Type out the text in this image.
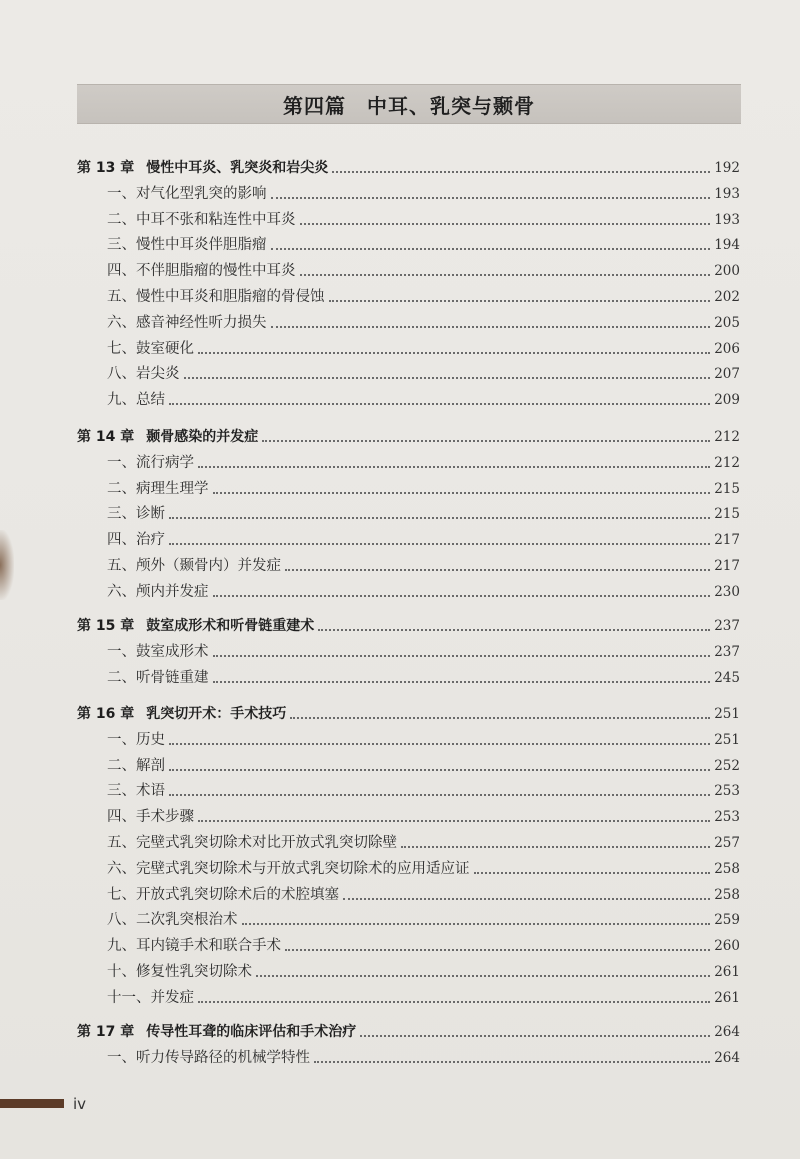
第四篇　中耳、乳突与颞骨
第 13 章 慢性中耳炎、乳突炎和岩尖炎	192
一、对气化型乳突的影响	193
二、中耳不张和粘连性中耳炎	193
三、慢性中耳炎伴胆脂瘤	194
四、不伴胆脂瘤的慢性中耳炎	200
五、慢性中耳炎和胆脂瘤的骨侵蚀	202
六、感音神经性听力损失	205
七、鼓室硬化	206
八、岩尖炎	207
九、总结	209
第 14 章 颞骨感染的并发症	212
一、流行病学	212
二、病理生理学	215
三、诊断	215
四、治疗	217
五、颅外（颞骨内）并发症	217
六、颅内并发症	230
第 15 章 鼓室成形术和听骨链重建术	237
一、鼓室成形术	237
二、听骨链重建	245
第 16 章 乳突切开术：手术技巧	251
一、历史	251
二、解剖	252
三、术语	253
四、手术步骤	253
五、完壁式乳突切除术对比开放式乳突切除壁	257
六、完壁式乳突切除术与开放式乳突切除术的应用适应证	258
七、开放式乳突切除术后的术腔填塞	258
八、二次乳突根治术	259
九、耳内镜手术和联合手术	260
十、修复性乳突切除术	261
十一、并发症	261
第 17 章 传导性耳聋的临床评估和手术治疗	264
一、听力传导路径的机械学特性	264
iv
